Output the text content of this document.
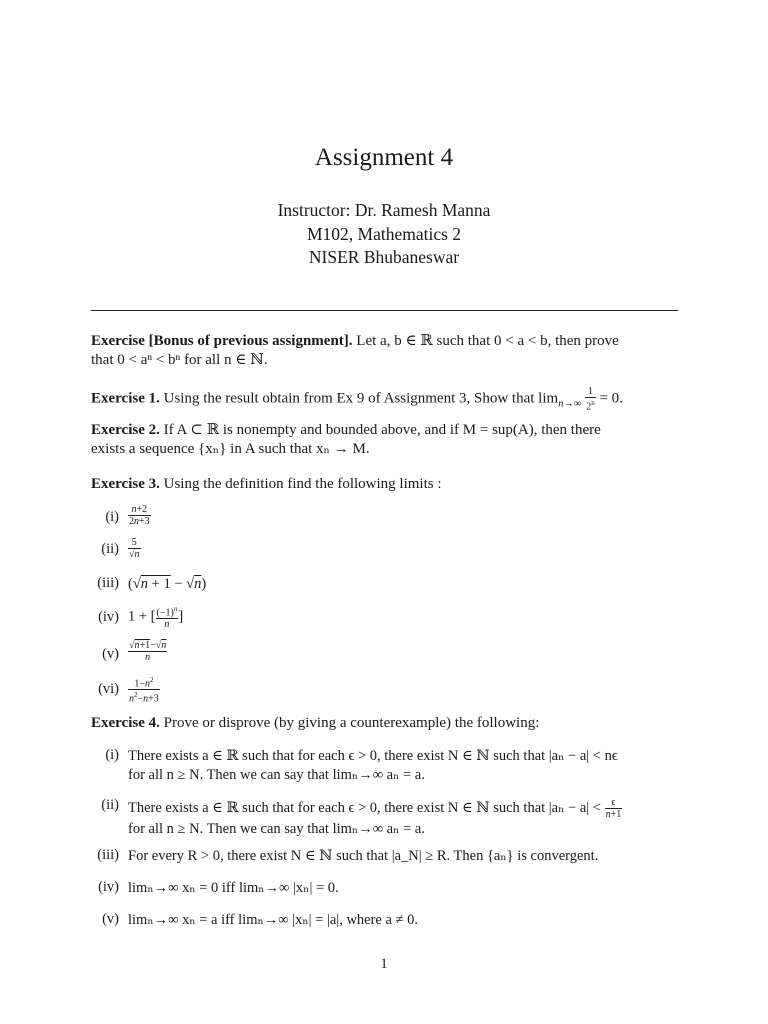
Assignment 4
Instructor: Dr. Ramesh Manna
M102, Mathematics 2
NISER Bhubaneswar
Exercise [Bonus of previous assignment]. Let a, b ∈ ℝ such that 0 < a < b, then prove
that 0 < aⁿ < bⁿ for all n ∈ ℕ.
Exercise 1. Using the result obtain from Ex 9 of Assignment 3, Show that $\lim_{n\to\infty} \frac{1}{2^n} = 0$.
Exercise 2. If A ⊂ ℝ is nonempty and bounded above, and if M = sup(A), then there
exists a sequence {xₙ} in A such that xₙ → M.
Exercise 3. Using the definition find the following limits :
$(i) \frac{n+2}{2n+3}$
$(ii) \frac{5}{√n}$
(iii) (√n + 1 − √n)
(iv) 1 + [ $\frac{(-1)^n}{n}$ ]
$(v) \frac{√n+1-√n}{n}$
$(vi) \frac{1-n^2}{n^2-n+3}$
Exercise 4. Prove or disprove (by giving a counterexample) the following:
(i) There exists a ∈ ℝ such that for each ϵ > 0, there exist N ∈ ℕ such that |aₙ − a| < nϵ
for all n ≥ N. Then we can say that limₙ→∞ aₙ = a.
(ii) There exists a ∈ ℝ such that for each ϵ > 0, there exist N ∈ ℕ such that $|a_n - a| < \frac{\epsilon}{n+1}$

for all n ≥ N. Then we can say that limₙ→∞ aₙ = a.
(iii) For every R > 0, there exist N ∈ ℕ such that |a_N| ≥ R. Then {aₙ} is convergent.
(iv) limₙ→∞ xₙ = 0 iff limₙ→∞ |xₙ| = 0.
(v) limₙ→∞ xₙ = a iff limₙ→∞ |xₙ| = |a|, where a ≠ 0.
1
